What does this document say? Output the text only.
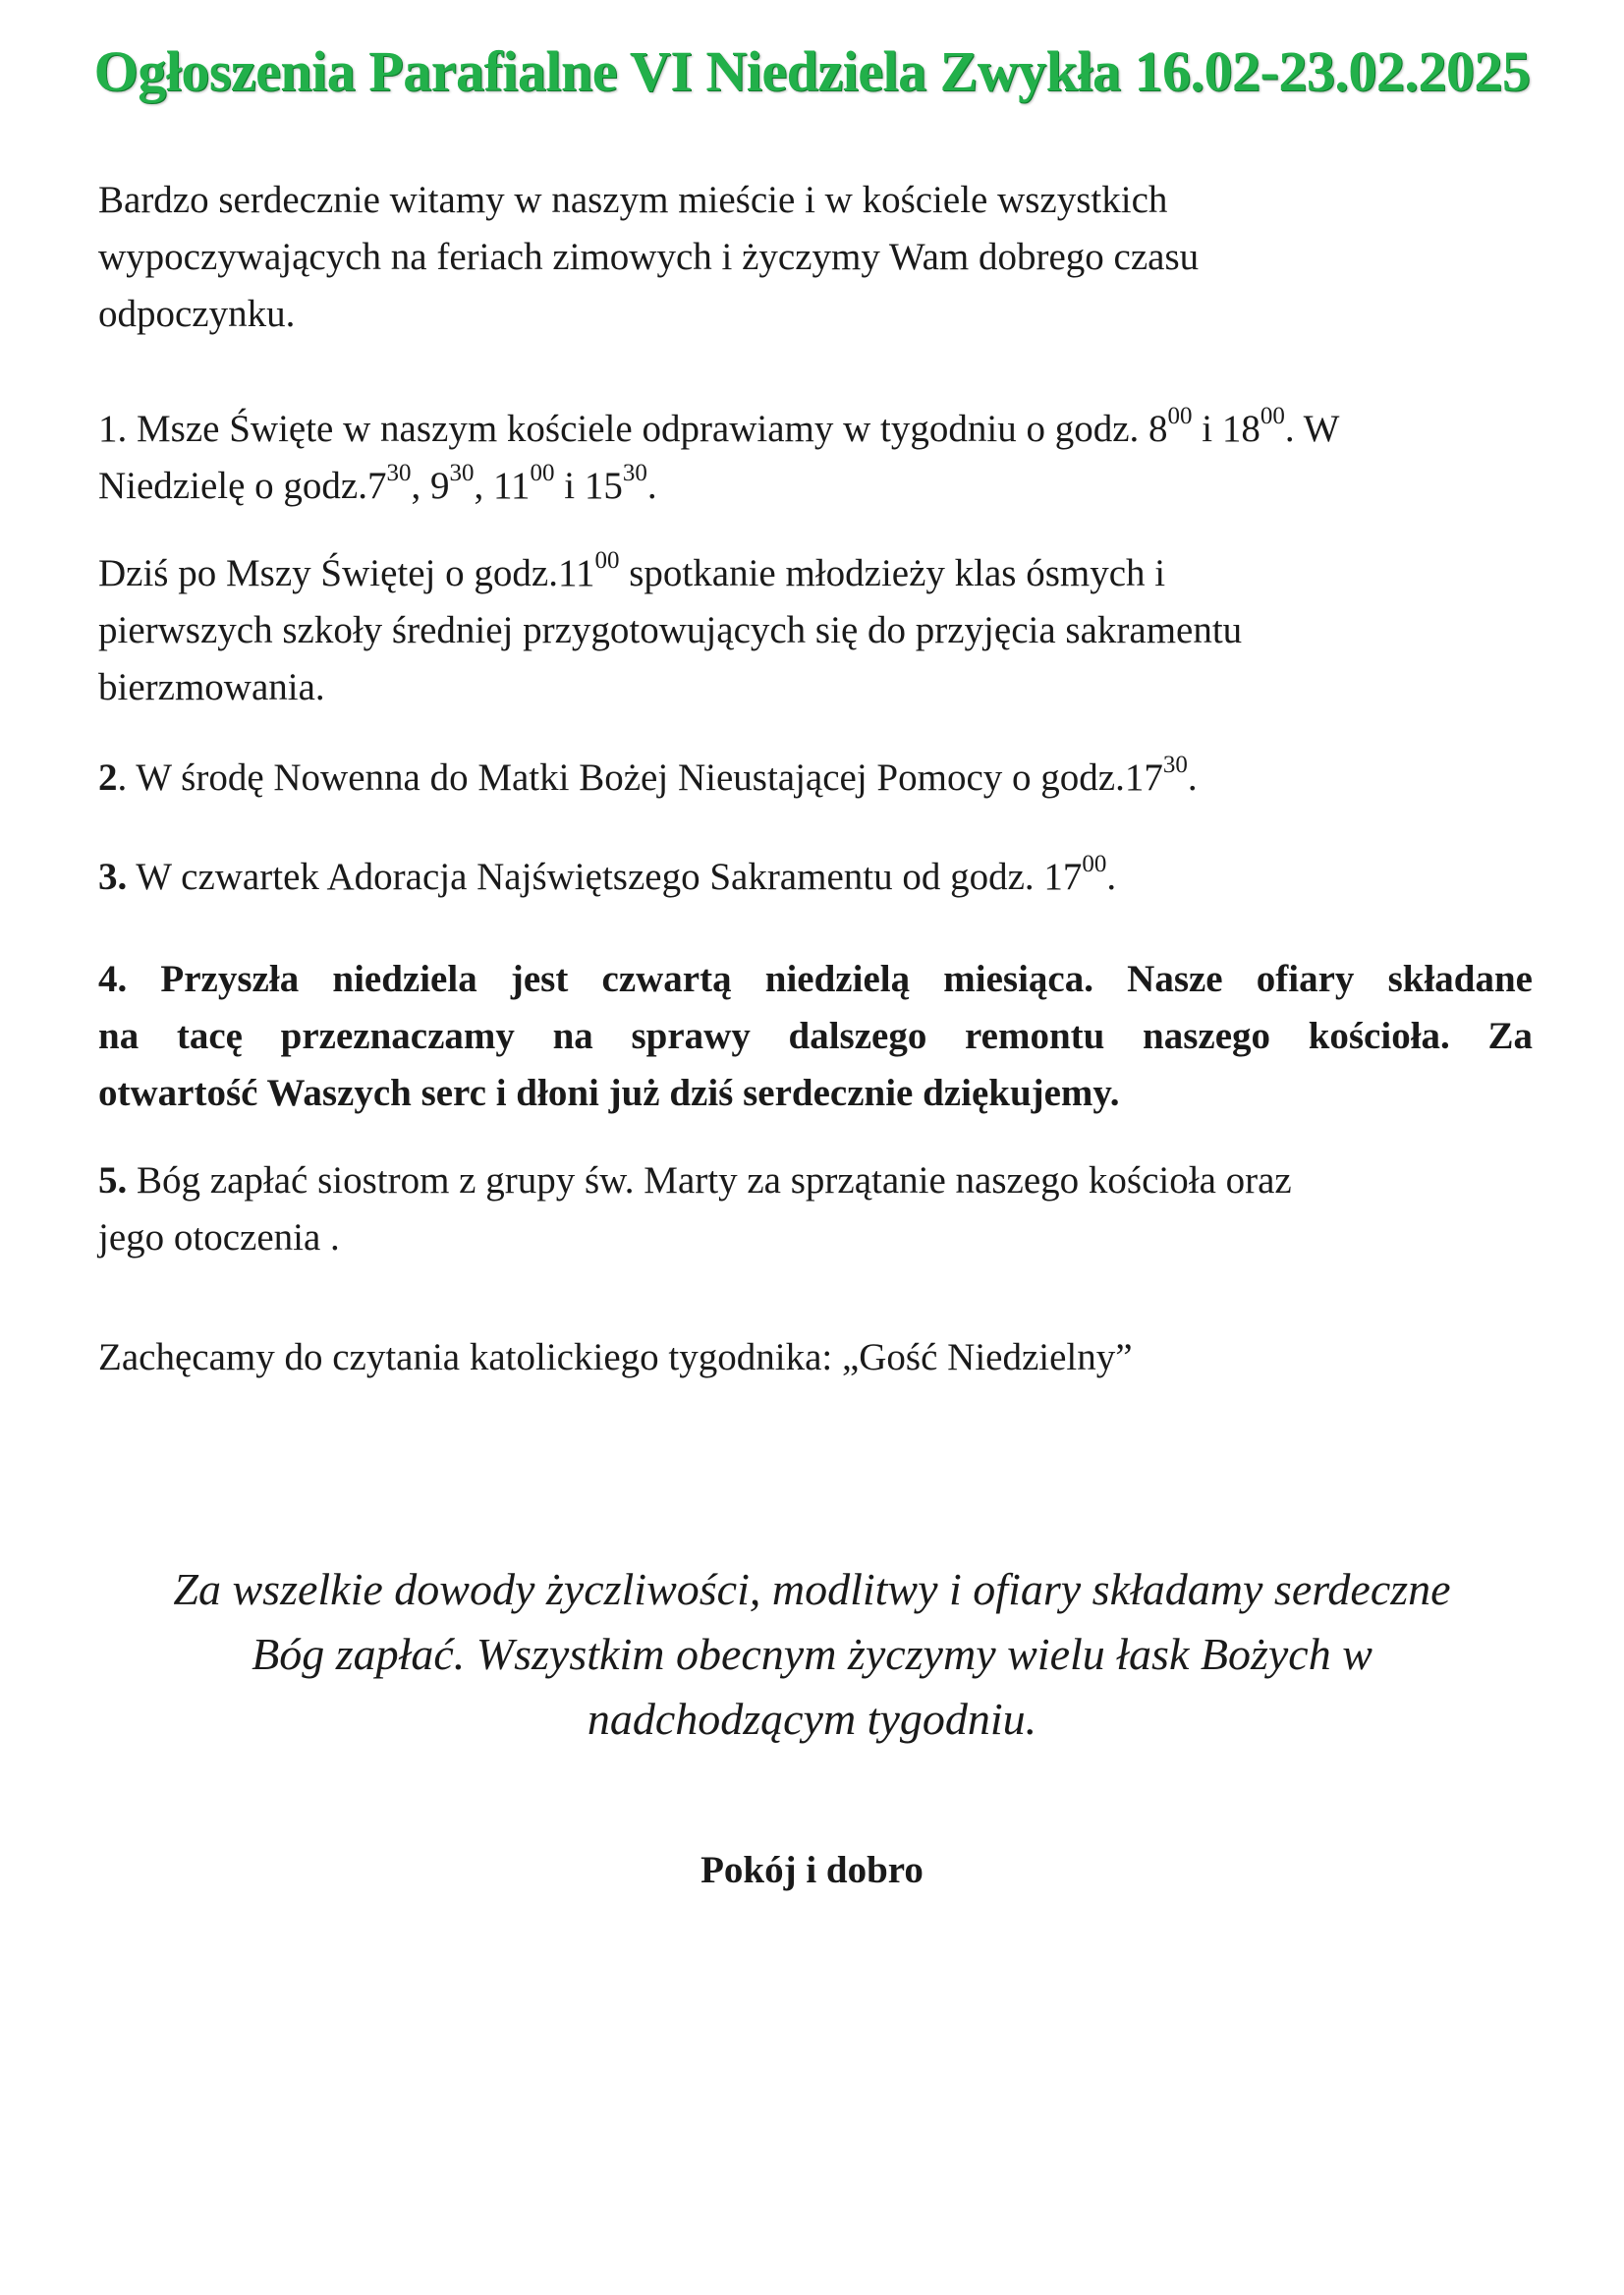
Ogłoszenia Parafialne VI Niedziela Zwykła 16.02-23.02.2025
Bardzo serdecznie witamy w naszym mieście i w kościele wszystkich
wypoczywających na feriach zimowych i życzymy Wam dobrego czasu
odpoczynku.
1. Msze Święte w naszym kościele odprawiamy w tygodniu o godz. $8^{00}$ i $18^{00}$. W
Niedzielę o $godz.7^{30}$, $9^{30}$, $11^{00}$ i $15^{30}$.
Dziś po Mszy Świętej o $godz.11^{00}$ spotkanie młodzieży klas ósmych i
pierwszych szkoły średniej przygotowujących się do przyjęcia sakramentu
bierzmowania.
2. W środę Nowenna do Matki Bożej Nieustającej Pomocy o $godz.17^{30}$.
3. W czwartek Adoracja Najświętszego Sakramentu od godz. $17^{00}$.
4. Przyszła niedziela jest czwartą niedzielą miesiąca. Nasze ofiary składane
na tacę przeznaczamy na sprawy dalszego remontu naszego kościoła. Za
otwartość Waszych serc i dłoni już dziś serdecznie dziękujemy.
5. Bóg zapłać siostrom z grupy św. Marty za sprzątanie naszego kościoła oraz
jego otoczenia .
Zachęcamy do czytania katolickiego tygodnika: „Gość Niedzielny”
Za wszelkie dowody życzliwości, modlitwy i ofiary składamy serdeczne
Bóg zapłać. Wszystkim obecnym życzymy wielu łask Bożych w
nadchodzącym tygodniu.
Pokój i dobro
